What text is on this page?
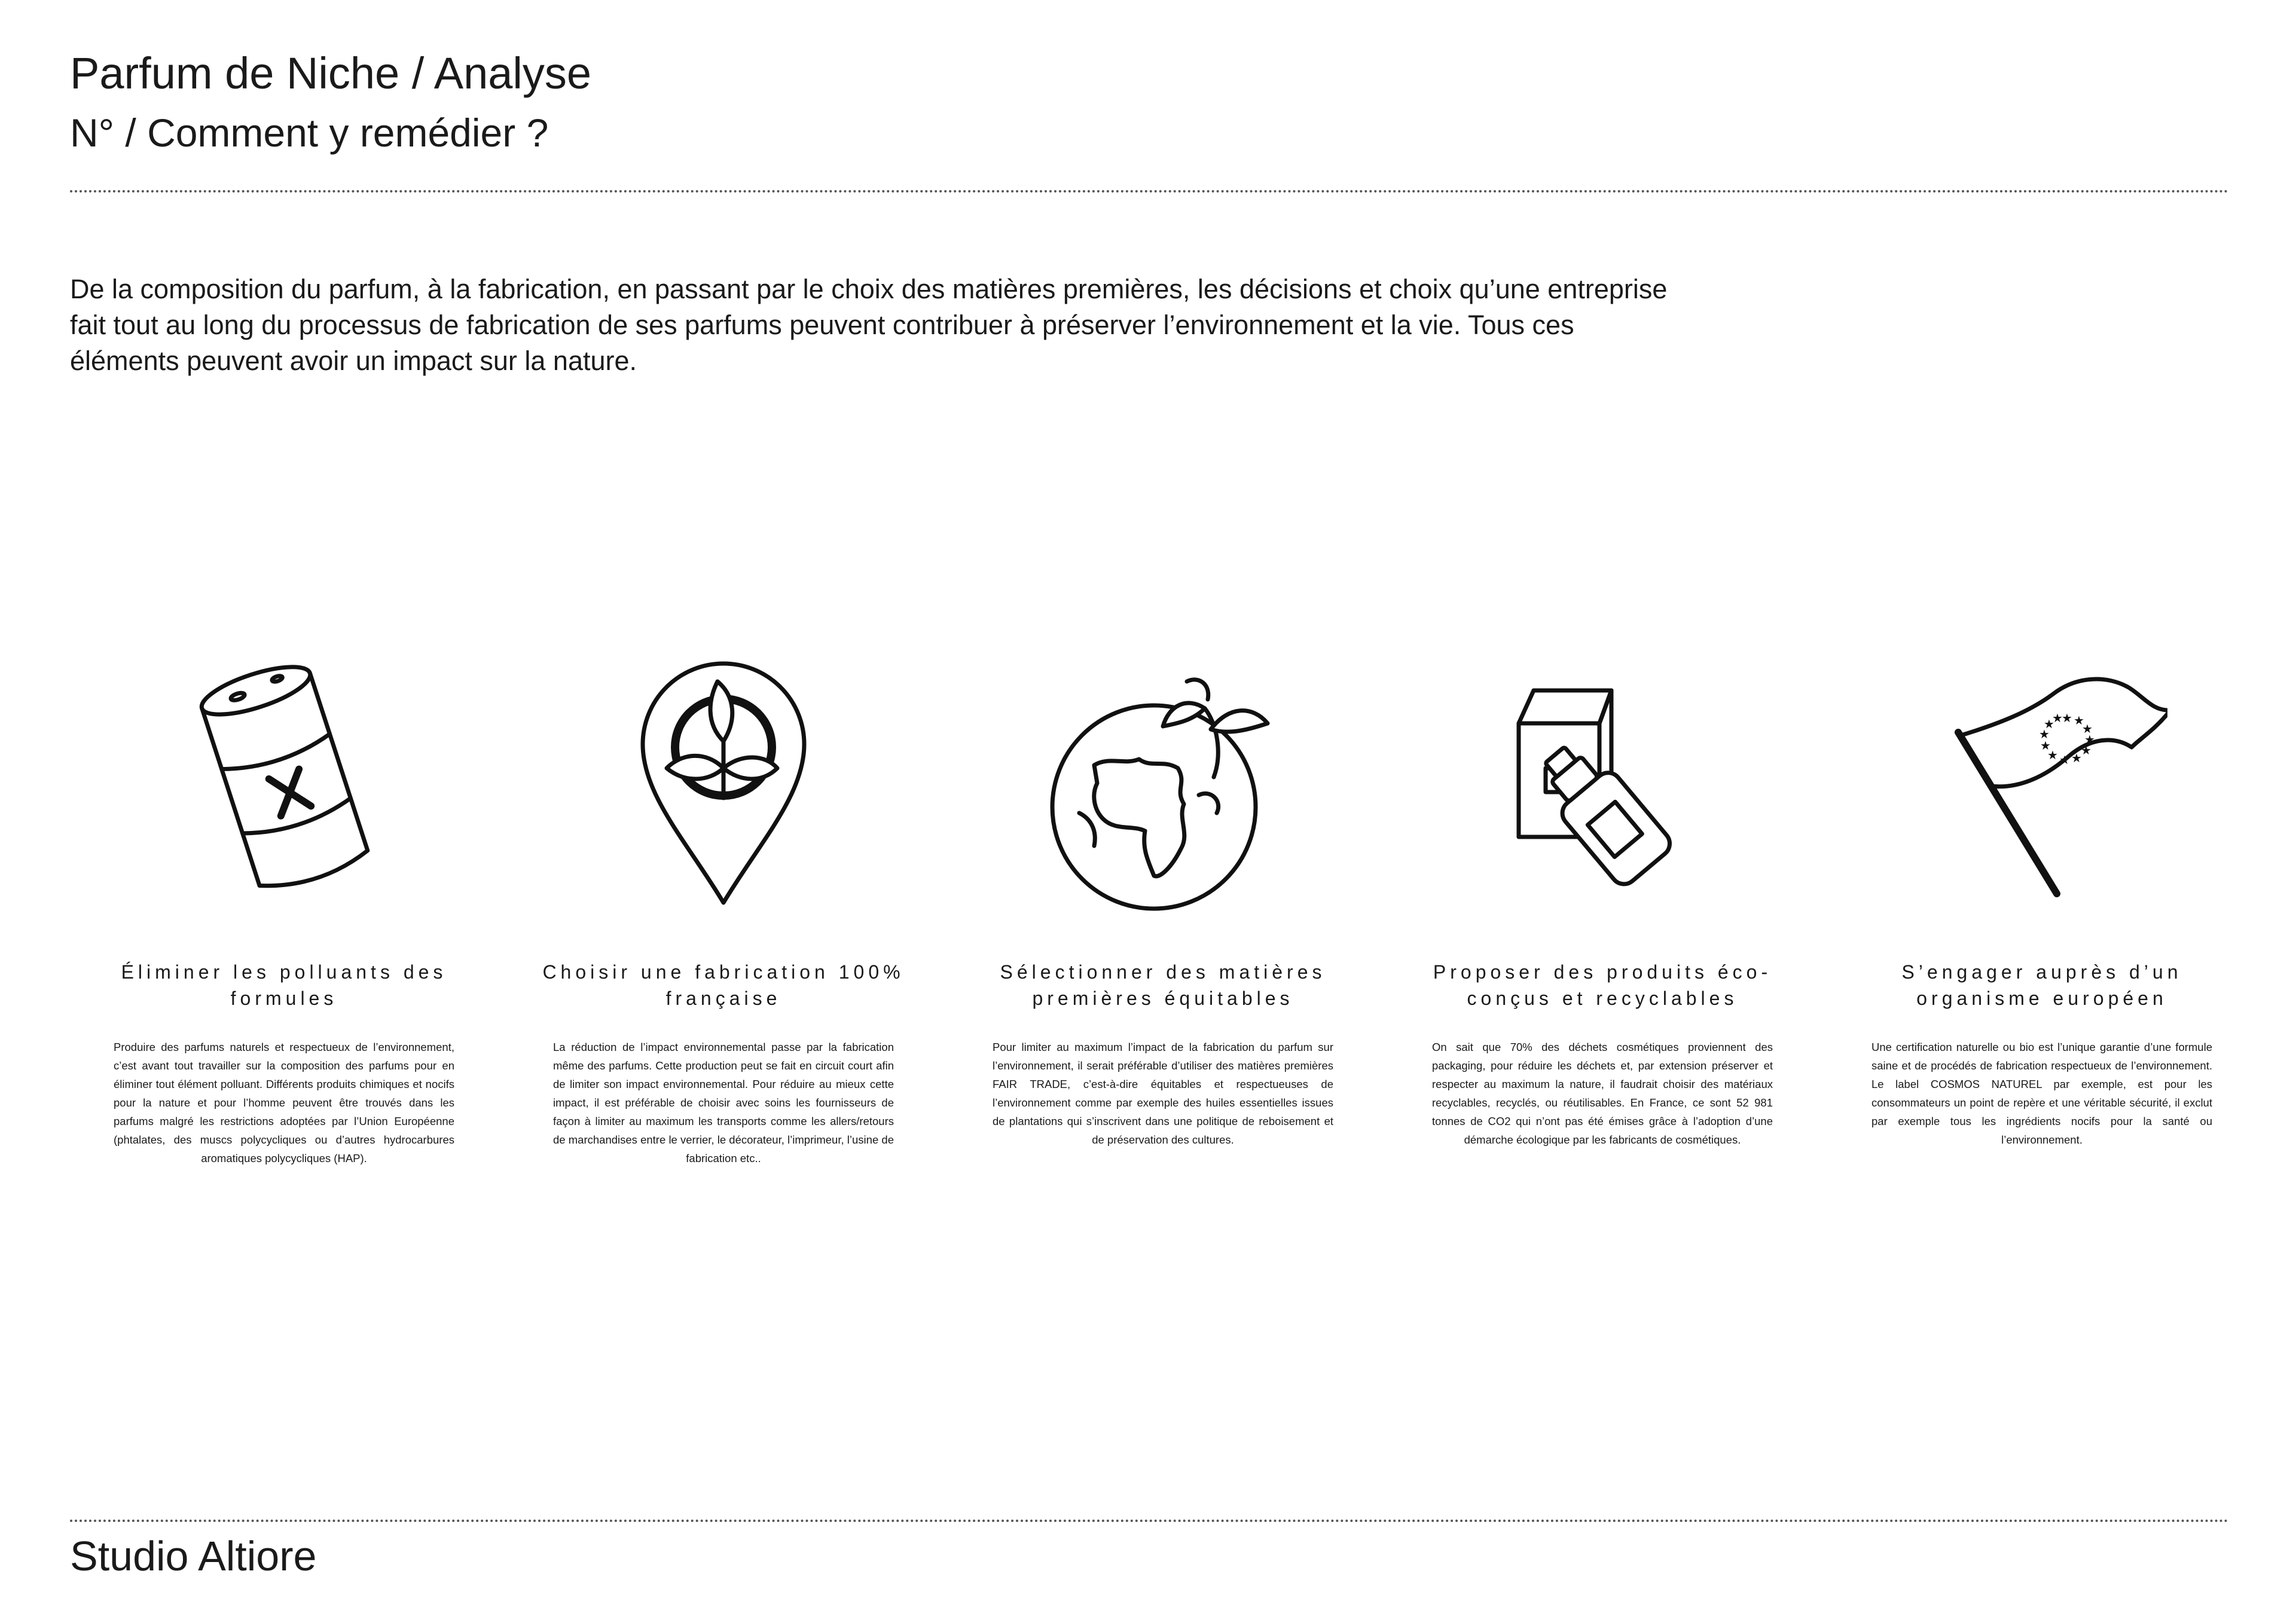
Parfum de Niche / Analyse
N° / Comment y remédier ?

De la composition du parfum, à la fabrication, en passant par le choix des matières premières, les décisions et choix qu’une entreprise fait tout au long du processus de fabrication de ses parfums peuvent contribuer à préserver l’environnement et la vie. Tous ces éléments peuvent avoir un impact sur la nature.

Éliminer les polluants des formules

Produire des parfums naturels et respectueux de l’environnement, c’est avant tout travailler sur la composition des parfums pour en éliminer tout élément polluant. Différents produits chimiques et nocifs pour la nature et pour l’homme peuvent être trouvés dans les parfums malgré les restrictions adoptées par l’Union Européenne (phtalates, des muscs polycycliques ou d’autres hydrocarbures aromatiques polycycliques (HAP).

Choisir une fabrication 100% française

La réduction de l’impact environnemental passe par la fabrication même des parfums. Cette production peut se fait en circuit court afin de limiter son impact environnemental. Pour réduire au mieux cette impact, il est préférable de choisir avec soins les fournisseurs de façon à limiter au maximum les transports comme les allers/retours de marchandises entre le verrier, le décorateur, l’imprimeur, l’usine de fabrication etc..

Sélectionner des matières premières équitables

Pour limiter au maximum l’impact de la fabrication du parfum sur l’environnement, il serait préférable d’utiliser des matières premières FAIR TRADE, c’est-à-dire équitables et respectueuses de l’environnement comme par exemple des huiles essentielles issues de plantations qui s’inscrivent dans une politique de reboisement et de préservation des cultures.

Proposer des produits éco-conçus et recyclables

On sait que 70% des déchets cosmétiques proviennent des packaging, pour réduire les déchets et, par extension préserver et respecter au maximum la nature, il faudrait choisir des matériaux recyclables, recyclés, ou réutilisables. En France, ce sont 52 981 tonnes de CO2 qui n’ont pas été émises grâce à l’adoption d’une démarche écologique par les fabricants de cosmétiques.

★ ★
★
★
★
★
★
★
★
★
★
★
S’engager auprès d’un organisme européen

Une certification naturelle ou bio est l’unique garantie d’une formule saine et de procédés de fabrication respectueux de l’environnement. Le label COSMOS NATUREL par exemple, est pour les consommateurs un point de repère et une véritable sécurité, il exclut par exemple tous les ingrédients nocifs pour la santé ou l’environnement.

Studio Altiore
